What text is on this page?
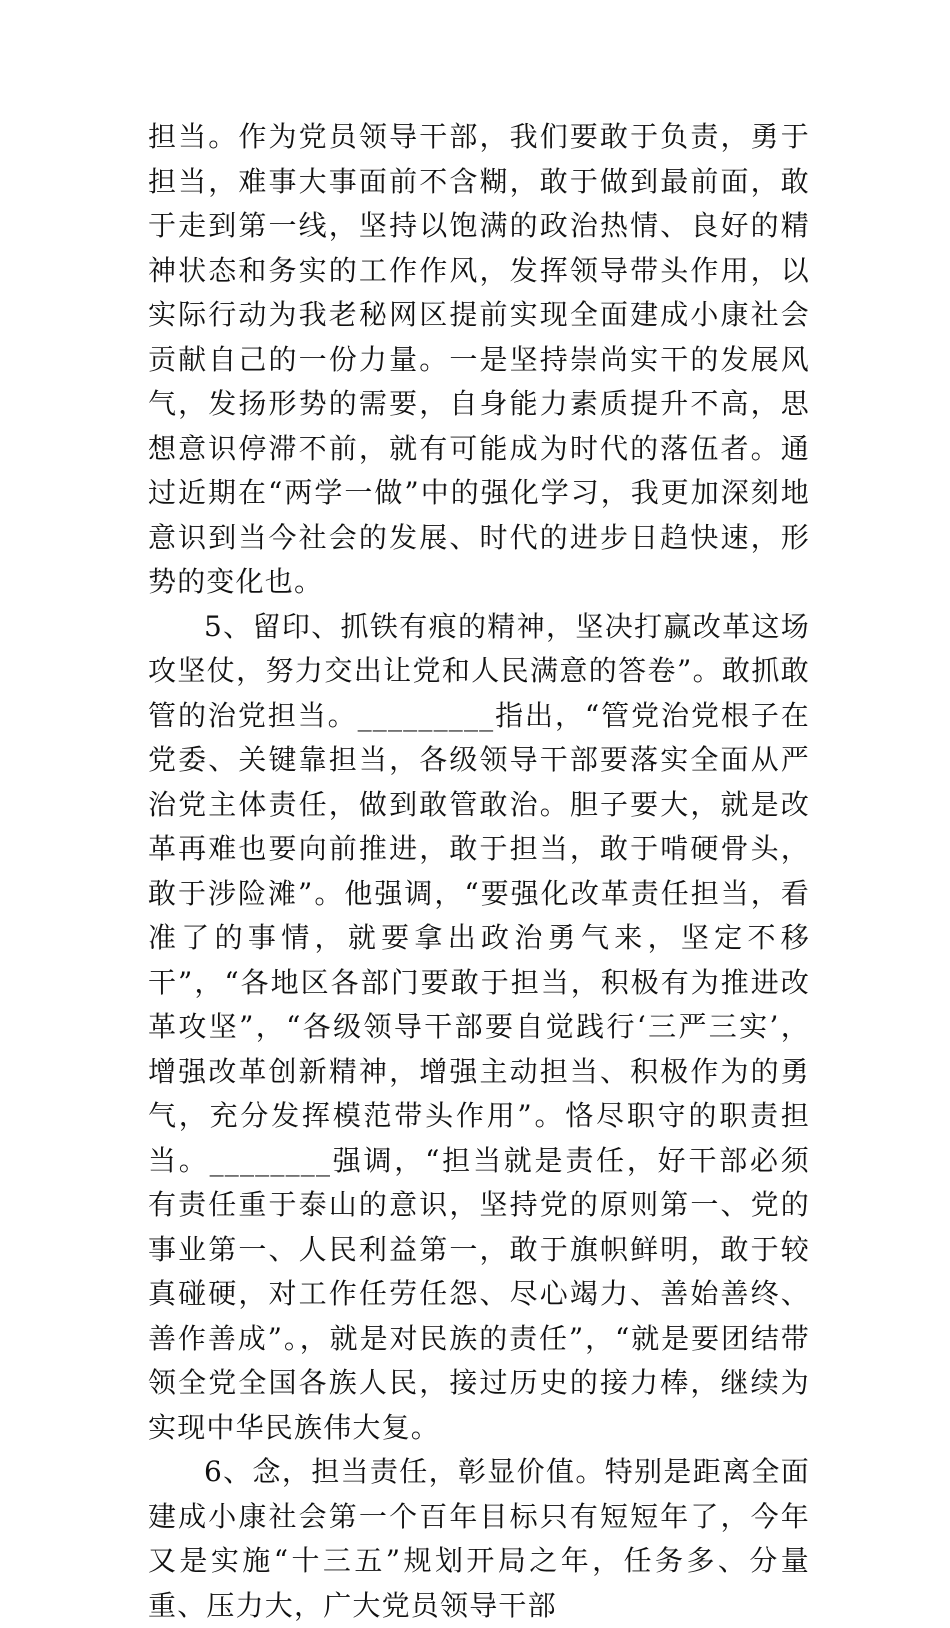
担当。作为党员领导干部，我们要敢于负责，勇于担当，难事大事面前不含糊，敢于做到最前面，敢于走到第一线，坚持以饱满的政治热情、良好的精神状态和务实的工作作风，发挥领导带头作用，以实际行动为我老秘网区提前实现全面建成小康社会贡献自己的一份力量。一是坚持崇尚实干的发展风气，发扬形势的需要，自身能力素质提升不高，思想意识停滞不前，就有可能成为时代的落伍者。通过近期在“两学一做”中的强化学习，我更加深刻地意识到当今社会的发展、时代的进步日趋快速，形势的变化也。

5、留印、抓铁有痕的精神，坚决打赢改革这场攻坚仗，努力交出让党和人民满意的答卷”。敢抓敢管的治党担当。_________指出，“管党治党根子在党委、关键靠担当，各级领导干部要落实全面从严治党主体责任，做到敢管敢治。胆子要大，就是改革再难也要向前推进，敢于担当，敢于啃硬骨头，敢于涉险滩”。他强调，“要强化改革责任担当，看准了的事情，就要拿出政治勇气来，坚定不移干”，“各地区各部门要敢于担当，积极有为推进改革攻坚”，“各级领导干部要自觉践行‘三严三实’，增强改革创新精神，增强主动担当、积极作为的勇气，充分发挥模范带头作用”。恪尽职守的职责担当。________强调，“担当就是责任，好干部必须有责任重于泰山的意识，坚持党的原则第一、党的事业第一、人民利益第一，敢于旗帜鲜明，敢于较真碰硬，对工作任劳任怨、尽心竭力、善始善终、善作善成”。，就是对民族的责任”，“就是要团结带领全党全国各族人民，接过历史的接力棒，继续为实现中华民族伟大复。

6、念，担当责任，彰显价值。特别是距离全面建成小康社会第一个百年目标只有短短年了，今年又是实施“十三五”规划开局之年，任务多、分量重、压力大，广大党员领导干部
